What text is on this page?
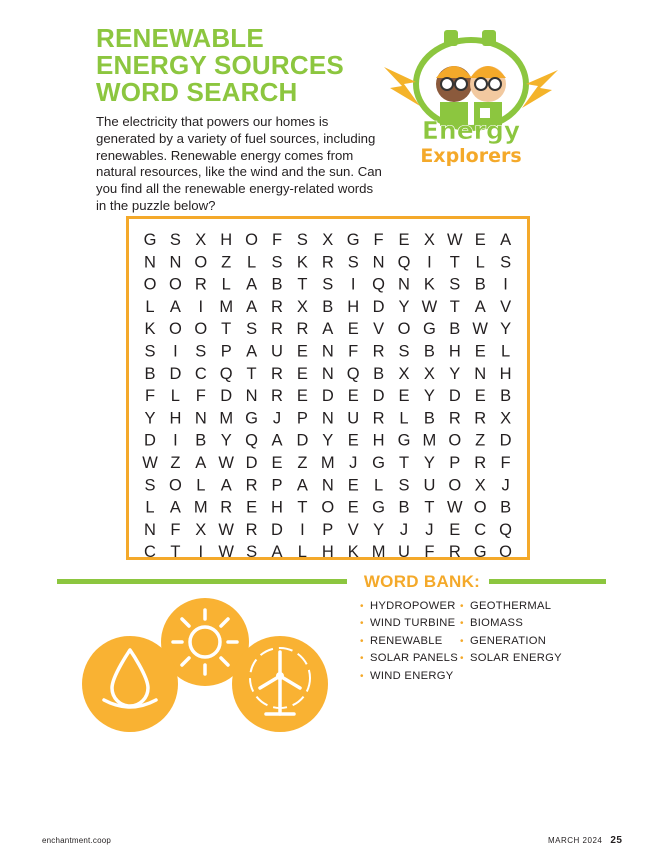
RENEWABLE
ENERGY SOURCES
WORD SEARCH

The electricity that powers our homes is generated by a variety of fuel sources, including renewables. Renewable energy comes from natural resources, like the wind and the sun. Can you find all the renewable energy-related words in the puzzle below?

Energy
Explorers
G S X H O F S X G F E X W E A
N N O Z L S K R S N Q I T L S
O O R L A B T S I Q N K S B I
L A I M A R X B H D Y W T A V
K O O T S R R A E V O G B W Y
S I S P A U E N F R S B H E L
B D C Q T R E N Q B X X Y N H
F L F D N R E D E D E Y D E B
Y H N M G J P N U R L B R R X
D I B Y Q A D Y E H G M O Z D
W Z A W D E Z M J G T Y P R F
S O L A R P A N E L S U O X J
L A M R E H T O E G B T W O B
N F X W R D I P V Y J J E C Q
C T I W S A L H K M U F R G O
WORD BANK:
• HYDROPOWER
• WIND TURBINE
• RENEWABLE
• SOLAR PANELS
• WIND ENERGY
• GEOTHERMAL
• BIOMASS
• GENERATION
• SOLAR ENERGY
enchantment.coop	MARCH 2024 25
